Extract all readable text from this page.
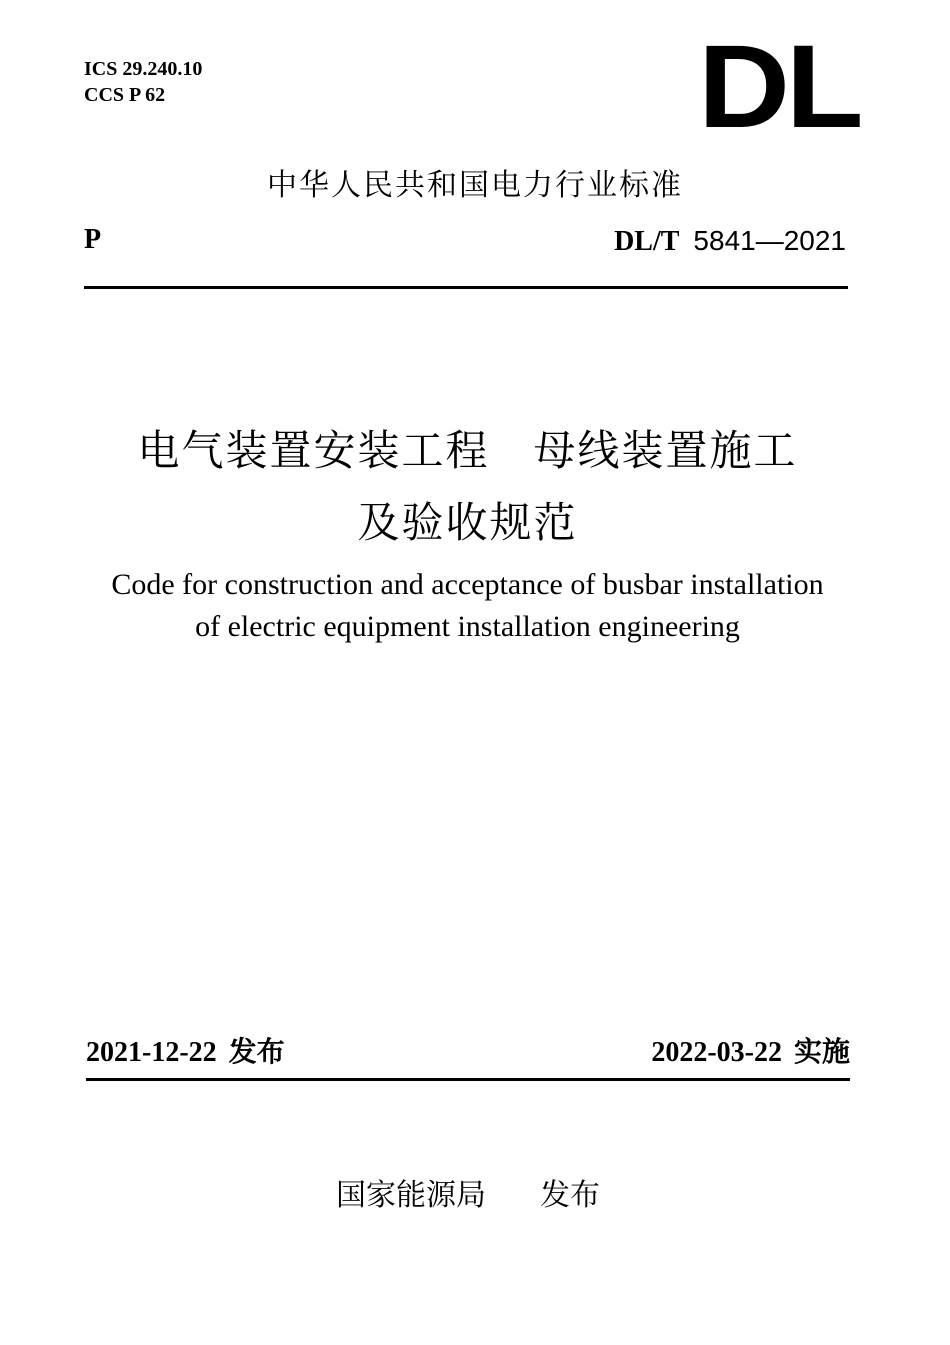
ICS 29.240.10
CCS P 62	DL
中华人民共和国电力行业标准
P	DL/T 5841—2021
电气装置安装工程　母线装置施工
及验收规范
Code for construction and acceptance of busbar installation
of electric equipment installation engineering
2021-12-22 发布	2022-03-22 实施
国家能源局 发布
